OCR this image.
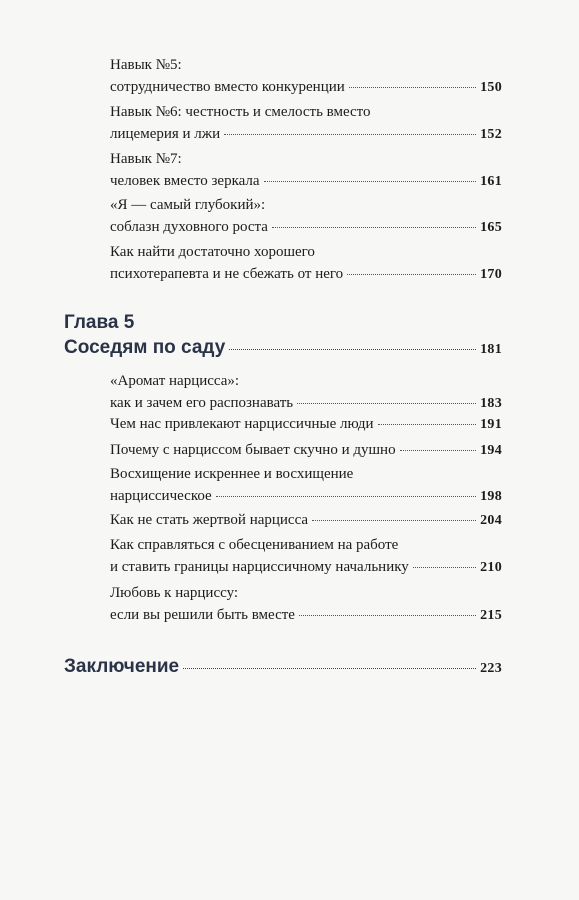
Навык №5:
сотрудничество вместо конкуренции	150
Навык №6: честность и смелость вместо
лицемерия и лжи	152
Навык №7:
человек вместо зеркала	161
«Я — самый глубокий»:
соблазн духовного роста	165
Как найти достаточно хорошего
психотерапевта и не сбежать от него	170
Глава 5
Соседям по саду	181
«Аромат нарцисса»:
как и зачем его распознавать	183
Чем нас привлекают нарциссичные люди	191
Почему с нарциссом бывает скучно и душно	194
Восхищение искреннее и восхищение
нарциссическое	198
Как не стать жертвой нарцисса	204
Как справляться с обесцениванием на работе
и ставить границы нарциссичному начальнику	210
Любовь к нарциссу:
если вы решили быть вместе	215
Заключение	223
